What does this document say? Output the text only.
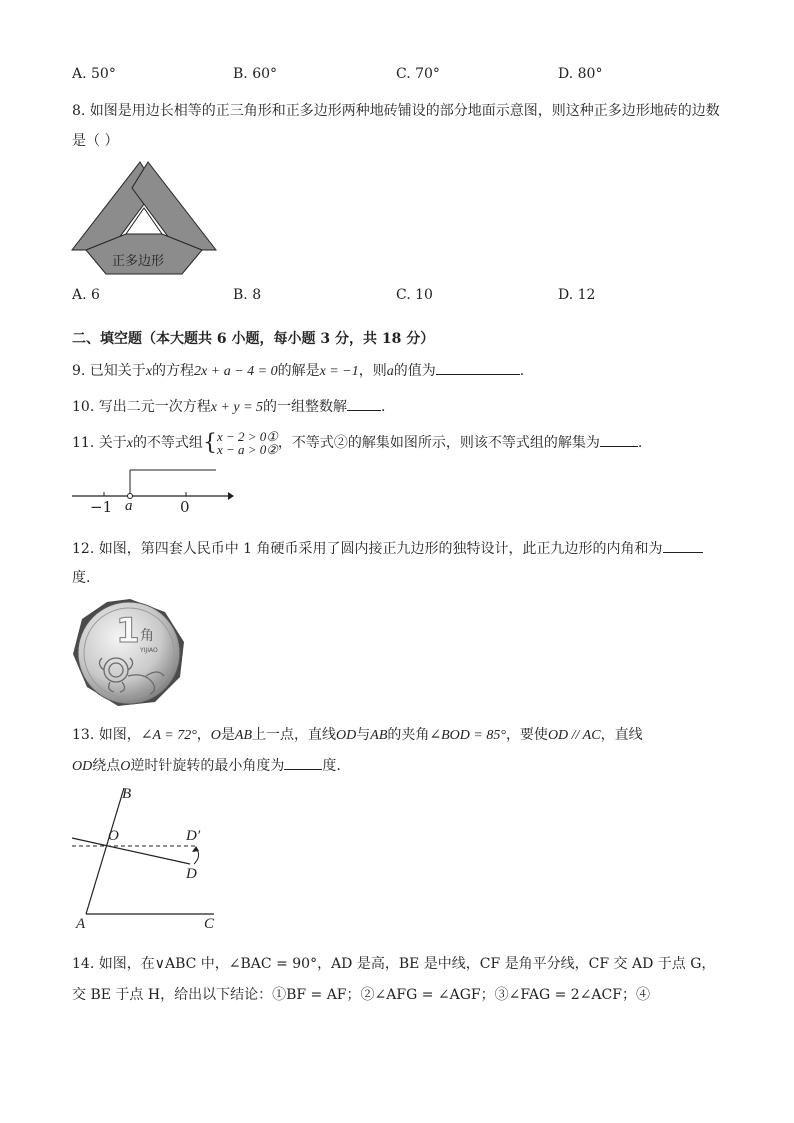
A. 50°	B. 60°	C. 70°	D. 80°
8. 如图是用边长相等的正三角形和正多边形两种地砖铺设的部分地面示意图，则这种正多边形地砖的边数
是（ ）
正多边形
A. 6	B. 8	C. 10	D. 12
二、填空题（本大题共 6 小题，每小题 3 分，共 18 分）
9. 已知关于x的方程2x + a − 4 = 0的解是x = −1，则a的值为	.
10. 写出二元一次方程x + y = 5的一组整数解 .
11. 关于x的不等式组{x − 2 > 0①
x − a > 0②，不等式②的解集如图所示，则该不等式组的解集为	.
−1 a	0
12. 如图，第四套人民币中 1 角硬币采用了圆内接正九边形的独特设计，此正九边形的内角和为
度.
1 角
YIJIAO
13. 如图，∠A = 72°，O是AB上一点，直线OD与AB的夹角∠BOD = 85°，要使OD // AC，直线
OD绕点O逆时针旋转的最小角度为	度.
B
O	D′
D
A	C
14. 如图，在∨ABC 中，∠BAC = 90°，AD 是高，BE 是中线，CF 是角平分线，CF 交 AD 于点 G，
交 BE 于点 H，给出以下结论：①BF = AF；②∠AFG = ∠AGF；③∠FAG = 2∠ACF；④
